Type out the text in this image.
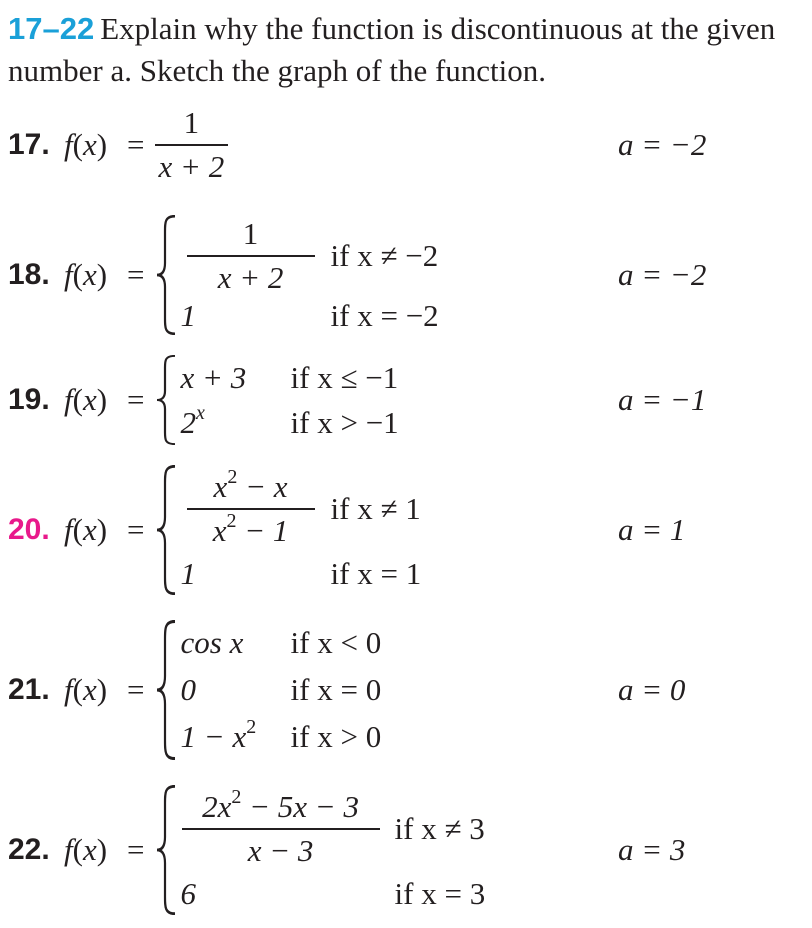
17–22 Explain why the function is discontinuous at the given number a. Sketch the graph of the function.
17. $f(x) = \frac{1}{x + 2}$	a = −2
18. $f(x) = \frac{1}{x + 2}$ if x ≠ −2
1	if x = −2
a = −2
19. f(x) =
x + 3	if x ≤ −1
2$^x$	if x > −1
a = −1
20. $f(x) = \frac{x^2 - x}{x^2 - 1}$ if x ≠ 1
1	if x = 1
a = 1
21. f(x) =
cos x	if x < 0
0	if x = 0
$1 - x^2$	if x > 0
a = 0
22. $f(x) = \frac{2x^2 - 5x - 3}{x - 3}$ if x ≠ 3
6	if x = 3
a = 3
